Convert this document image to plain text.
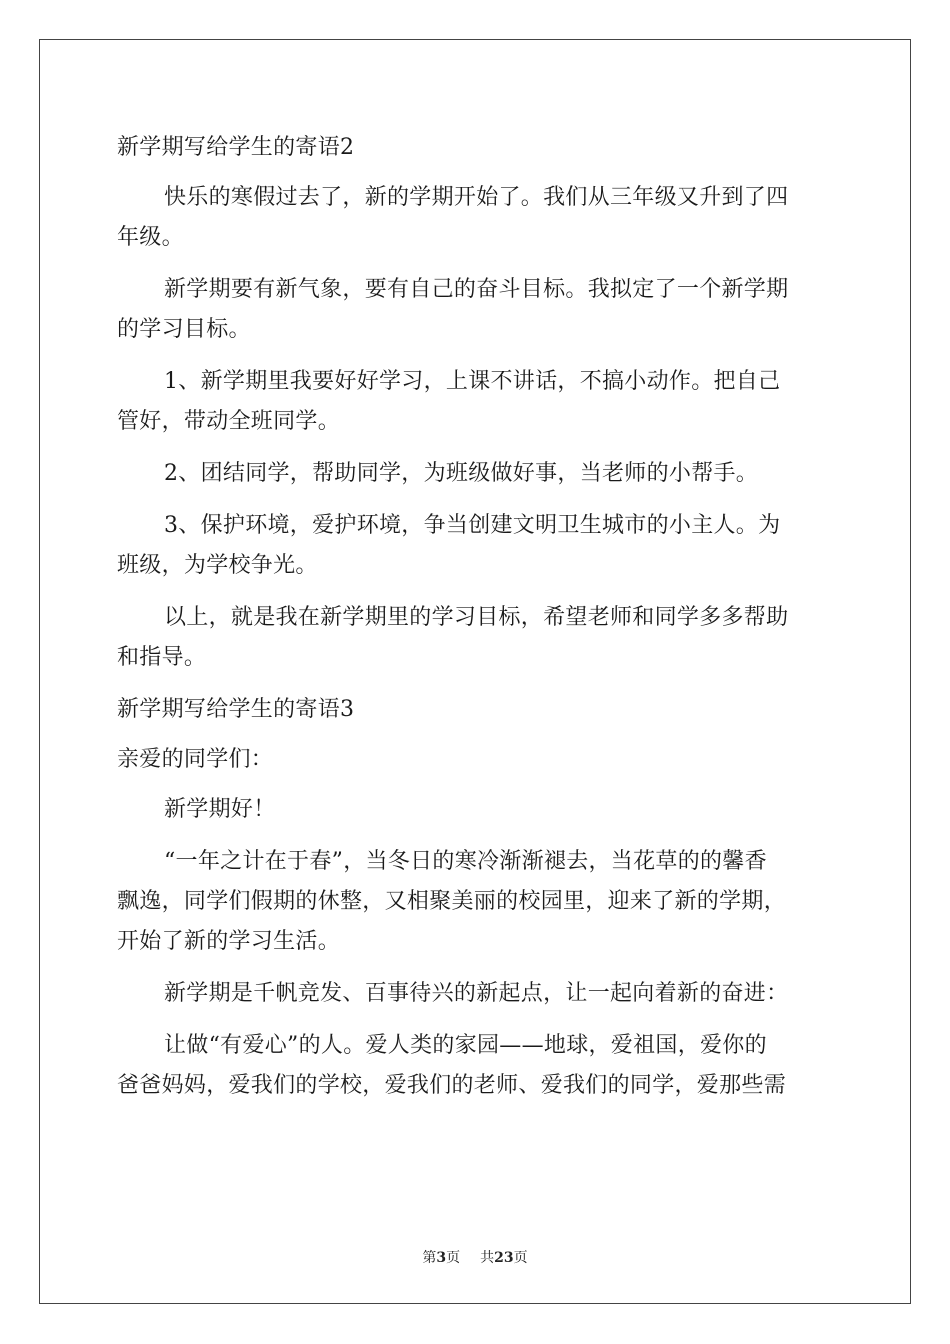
新学期写给学生的寄语2
快乐的寒假过去了，新的学期开始了。我们从三年级又升到了四
年级。
新学期要有新气象，要有自己的奋斗目标。我拟定了一个新学期
的学习目标。
1、新学期里我要好好学习，上课不讲话，不搞小动作。把自己
管好，带动全班同学。
2、团结同学，帮助同学，为班级做好事，当老师的小帮手。
3、保护环境，爱护环境，争当创建文明卫生城市的小主人。为
班级，为学校争光。
以上，就是我在新学期里的学习目标，希望老师和同学多多帮助
和指导。
新学期写给学生的寄语3
亲爱的同学们：
新学期好！
“一年之计在于春”，当冬日的寒冷渐渐褪去，当花草的的馨香
飘逸，同学们假期的休整，又相聚美丽的校园里，迎来了新的学期，
开始了新的学习生活。
新学期是千帆竞发、百事待兴的新起点，让一起向着新的奋进：
让做“有爱心”的人。爱人类的家园——地球，爱祖国，爱你的
爸爸妈妈，爱我们的学校，爱我们的老师、爱我们的同学，爱那些需
第3页 共23页
